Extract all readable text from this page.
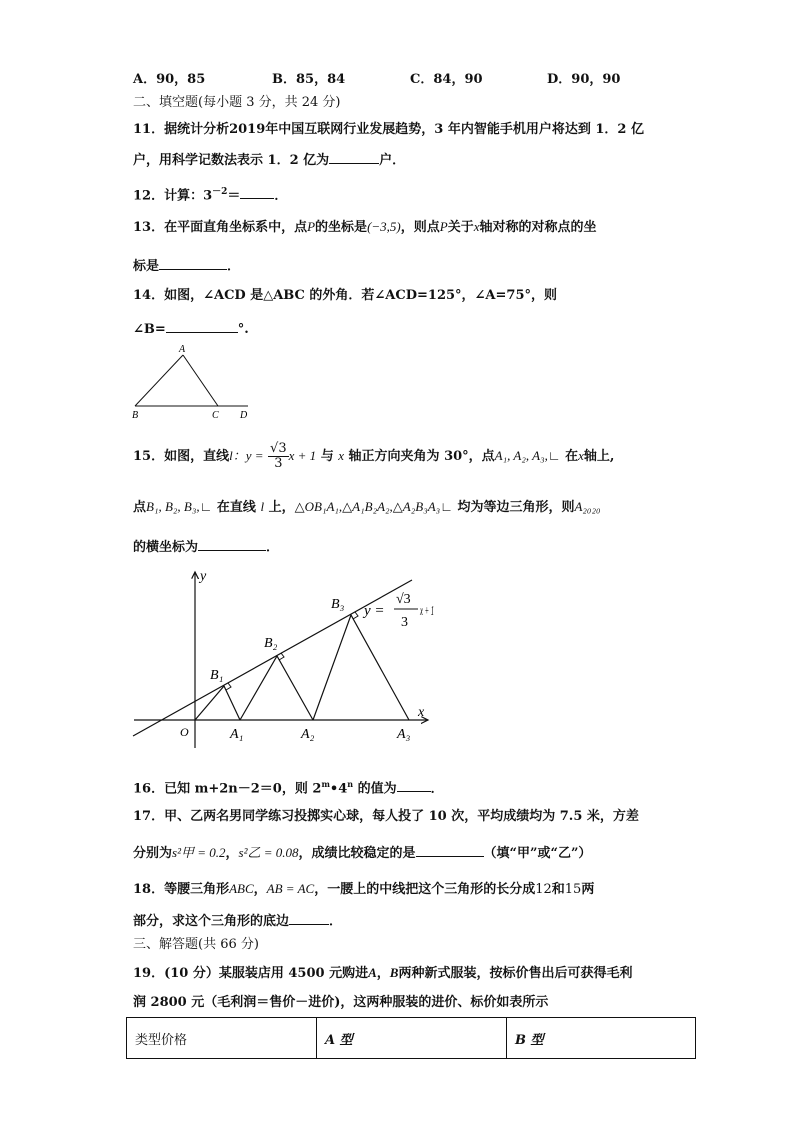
A．90，85	B．85，84	C．84，90	D．90，90
二、填空题(每小题 3 分，共 24 分)
11．据统计分析2019年中国互联网行业发展趋势，3 年内智能手机用户将达到 1．2 亿
户，用科学记数法表示 1．2 亿为	户．
12．计算：$3^{-2}=$	．
13．在平面直角坐标系中，点P的坐标是(−3,5)，则点P关于x轴对称的对称点的坐
标是	．
14．如图，∠ACD 是△ABC 的外角．若∠ACD=125°，∠A=75°，则
∠B=	°.
A
B	C D
15．如图，直线l：$y = \frac{√3}{3}$ x + 1 与 x 轴正方向夹角为 30°，点A₁, A₂, A₃,∟ 在x轴上,
点B₁, B₂, B₃,∟ 在直线 l 上，△OB₁A₁,△A₁B₂A₂,△A₂B₃A₃∟ 均为等边三角形，则A₂₀₂₀
的横坐标为	．
y
x
O
B₁
B₂
B₃
A₁	A₂	A₃
y =
√3
3
x + 1
16．已知 m+2n－2＝0，则 2$^m$•4$^n$ 的值为	．
17．甲、乙两名男同学练习投掷实心球，每人投了 10 次，平均成绩均为 7.5 米，方差
分别为s²甲 = 0.2，s²乙 = 0.08，成绩比较稳定的是	（填“甲”或“乙”）
18．等腰三角形ABC，AB = AC，一腰上的中线把这个三角形的长分成12和15两
部分，求这个三角形的底边	．
三、解答题(共 66 分)
19．(10 分）某服装店用 4500 元购进A，B两种新式服装，按标价售出后可获得毛利
润 2800 元（毛利润＝售价－进价)，这两种服装的进价、标价如表所示
类型价格	A 型	B 型
